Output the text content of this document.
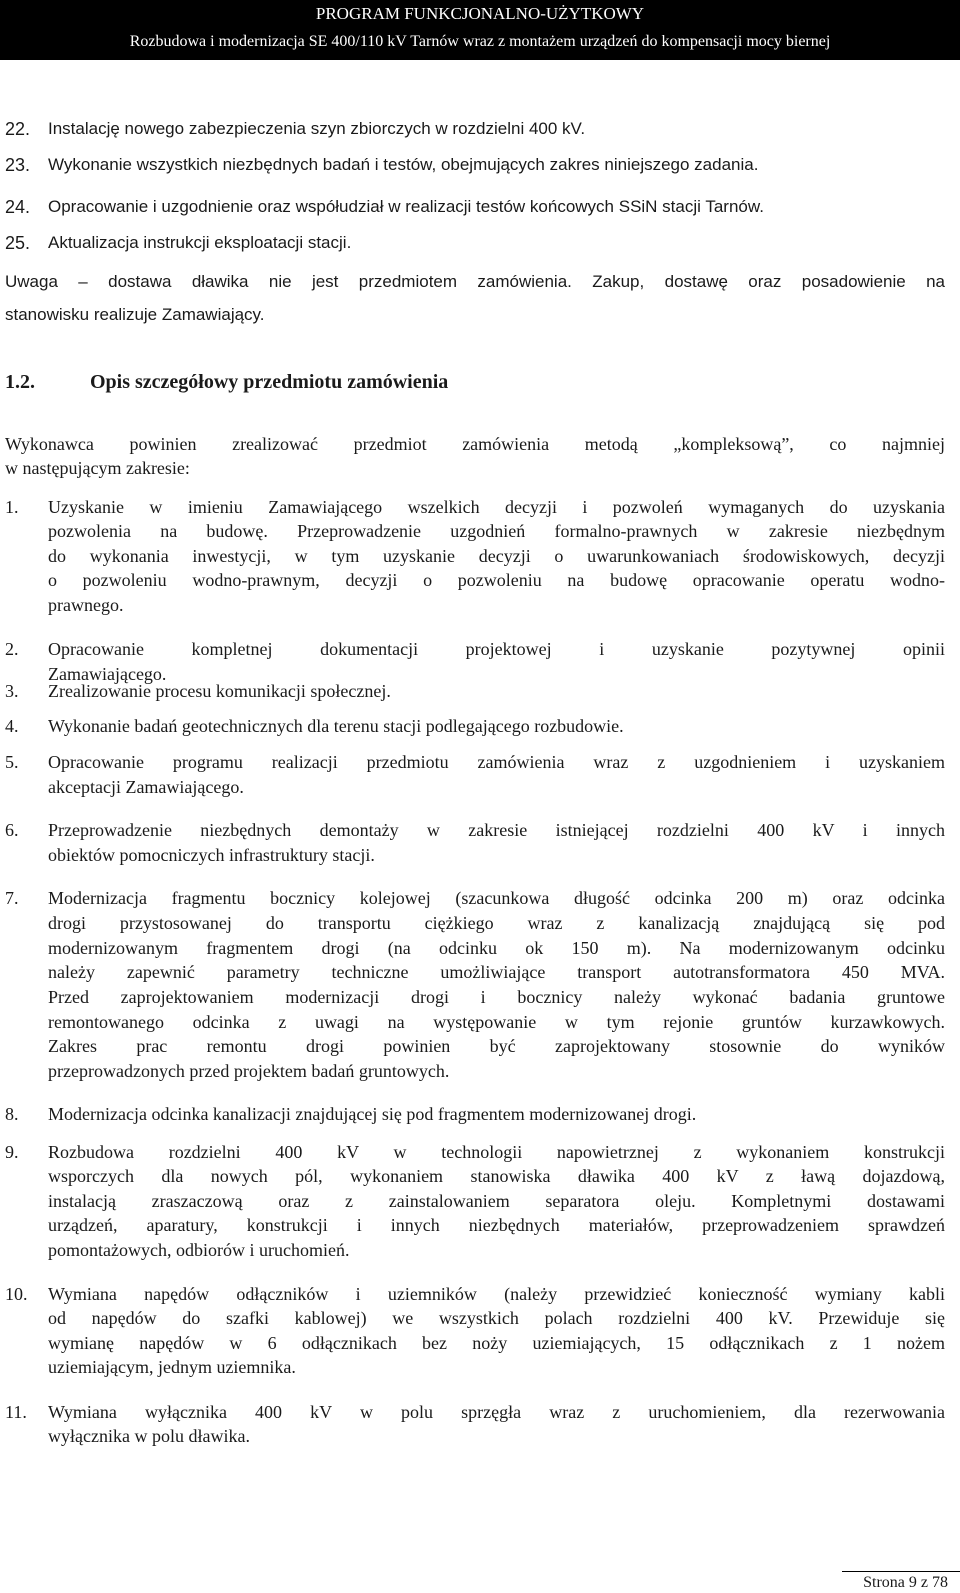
PROGRAM FUNKCJONALNO-UŻYTKOWY
Rozbudowa i modernizacja SE 400/110 kV Tarnów wraz z montażem urządzeń do kompensacji mocy biernej
22. Instalację nowego zabezpieczenia szyn zbiorczych w rozdzielni 400 kV.
23. Wykonanie wszystkich niezbędnych badań i testów, obejmujących zakres niniejszego zadania.
24. Opracowanie i uzgodnienie oraz współudział w realizacji testów końcowych SSiN stacji Tarnów.
25. Aktualizacja instrukcji eksploatacji stacji.
Uwaga – dostawa dławika nie jest przedmiotem zamówienia. Zakup, dostawę oraz posadowienie na
stanowisku realizuje Zamawiający.
1.2.	Opis szczegółowy przedmiotu zamówienia
Wykonawca powinien zrealizować przedmiot zamówienia metodą „kompleksową”, co najmniej
w następującym zakresie:
1. Uzyskanie w imieniu Zamawiającego wszelkich decyzji i pozwoleń wymaganych do uzyskania
pozwolenia na budowę. Przeprowadzenie uzgodnień formalno-prawnych w zakresie niezbędnym
do wykonania inwestycji, w tym uzyskanie decyzji o uwarunkowaniach środowiskowych, decyzji
o pozwoleniu wodno-prawnym, decyzji o pozwoleniu na budowę opracowanie operatu wodno-
prawnego.
2. Opracowanie kompletnej dokumentacji projektowej i uzyskanie pozytywnej opinii
Zamawiającego.
3. Zrealizowanie procesu komunikacji społecznej.
4. Wykonanie badań geotechnicznych dla terenu stacji podlegającego rozbudowie.
5. Opracowanie programu realizacji przedmiotu zamówienia wraz z uzgodnieniem i uzyskaniem
akceptacji Zamawiającego.
6. Przeprowadzenie niezbędnych demontaży w zakresie istniejącej rozdzielni 400 kV i innych
obiektów pomocniczych infrastruktury stacji.
7. Modernizacja fragmentu bocznicy kolejowej (szacunkowa długość odcinka 200 m) oraz odcinka
drogi przystosowanej do transportu ciężkiego wraz z kanalizacją znajdującą się pod
modernizowanym fragmentem drogi (na odcinku ok 150 m). Na modernizowanym odcinku
należy zapewnić parametry techniczne umożliwiające transport autotransformatora 450 MVA.
Przed zaprojektowaniem modernizacji drogi i bocznicy należy wykonać badania gruntowe
remontowanego odcinka z uwagi na występowanie w tym rejonie gruntów kurzawkowych.
Zakres prac remontu drogi powinien być zaprojektowany stosownie do wyników
przeprowadzonych przed projektem badań gruntowych.
8. Modernizacja odcinka kanalizacji znajdującej się pod fragmentem modernizowanej drogi.
9. Rozbudowa rozdzielni 400 kV w technologii napowietrznej z wykonaniem konstrukcji
wsporczych dla nowych pól, wykonaniem stanowiska dławika 400 kV z ławą dojazdową,
instalacją zraszaczową oraz z zainstalowaniem separatora oleju. Kompletnymi dostawami
urządzeń, aparatury, konstrukcji i innych niezbędnych materiałów, przeprowadzeniem sprawdzeń
pomontażowych, odbiorów i uruchomień.
10. Wymiana napędów odłączników i uziemników (należy przewidzieć konieczność wymiany kabli
od napędów do szafki kablowej) we wszystkich polach rozdzielni 400 kV. Przewiduje się
wymianę napędów w 6 odłącznikach bez noży uziemiających, 15 odłącznikach z 1 nożem
uziemiającym, jednym uziemnika.
11. Wymiana wyłącznika 400 kV w polu sprzęgła wraz z uruchomieniem, dla rezerwowania
wyłącznika w polu dławika.
Strona 9 z 78
